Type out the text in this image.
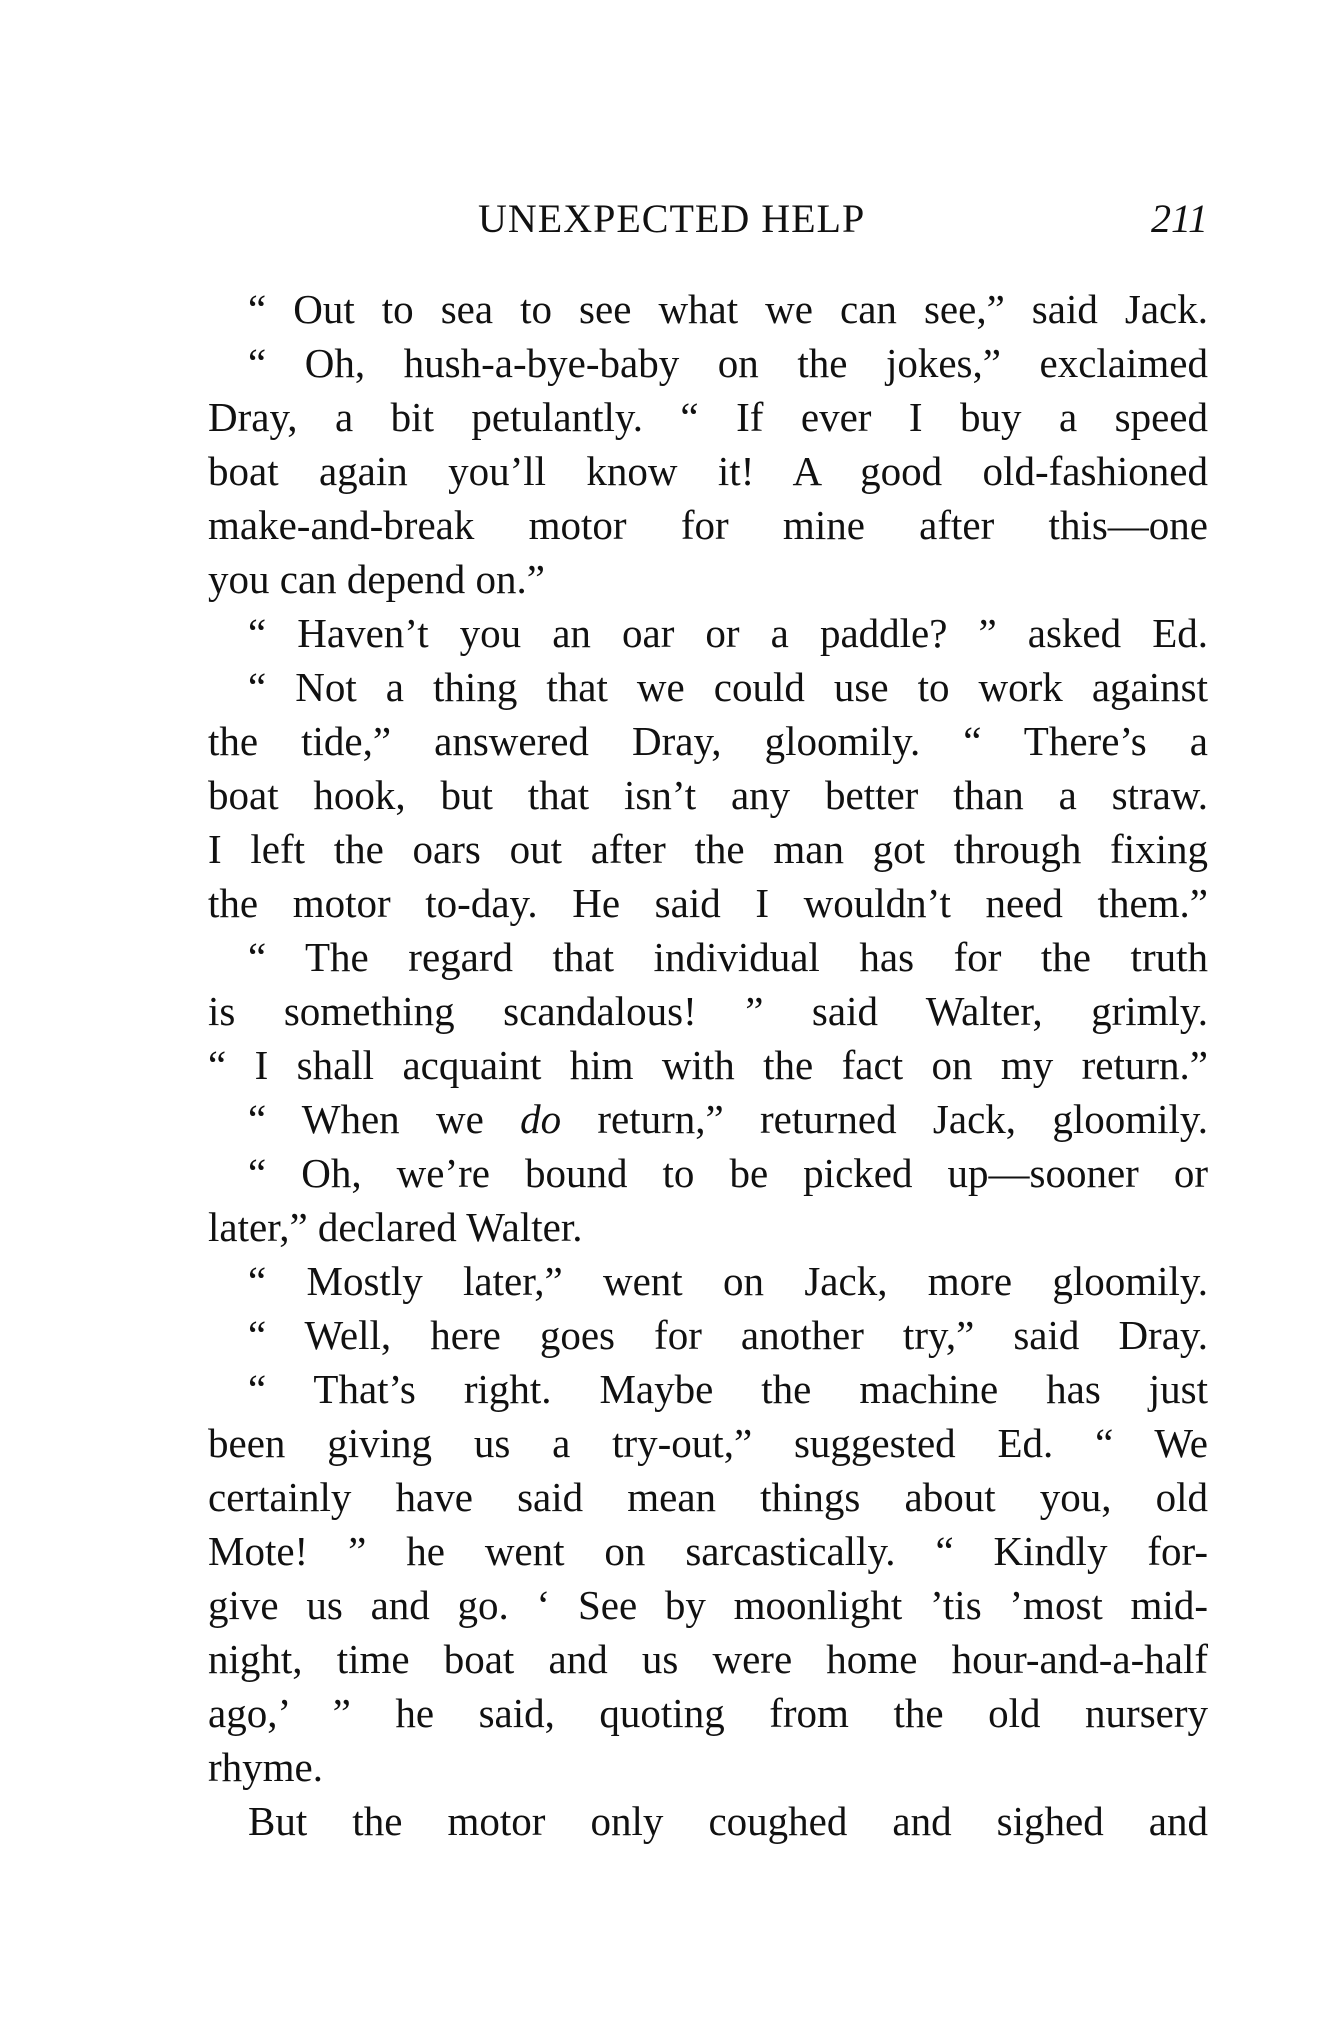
UNEXPECTED HELP	211
“ Out to sea to see what we can see,” said Jack.
“ Oh, hush-a-bye-baby on the jokes,” exclaimed
Dray, a bit petulantly. “ If ever I buy a speed
boat again you’ll know it! A good old-fashioned
make-and-break motor for mine after this—one
you can depend on.”
“ Haven’t you an oar or a paddle? ” asked Ed.
“ Not a thing that we could use to work against
the tide,” answered Dray, gloomily. “ There’s a
boat hook, but that isn’t any better than a straw.
I left the oars out after the man got through fixing
the motor to-day. He said I wouldn’t need them.”
“ The regard that individual has for the truth
is something scandalous! ” said Walter, grimly.
“ I shall acquaint him with the fact on my return.”
“ When we do return,” returned Jack, gloomily.
“ Oh, we’re bound to be picked up—sooner or
later,” declared Walter.
“ Mostly later,” went on Jack, more gloomily.
“ Well, here goes for another try,” said Dray.
“ That’s right. Maybe the machine has just
been giving us a try-out,” suggested Ed. “ We
certainly have said mean things about you, old
Mote! ” he went on sarcastically. “ Kindly for-
give us and go. ‘ See by moonlight ’tis ’most mid-
night, time boat and us were home hour-and-a-half
ago,’ ” he said, quoting from the old nursery
rhyme.
But the motor only coughed and sighed and
